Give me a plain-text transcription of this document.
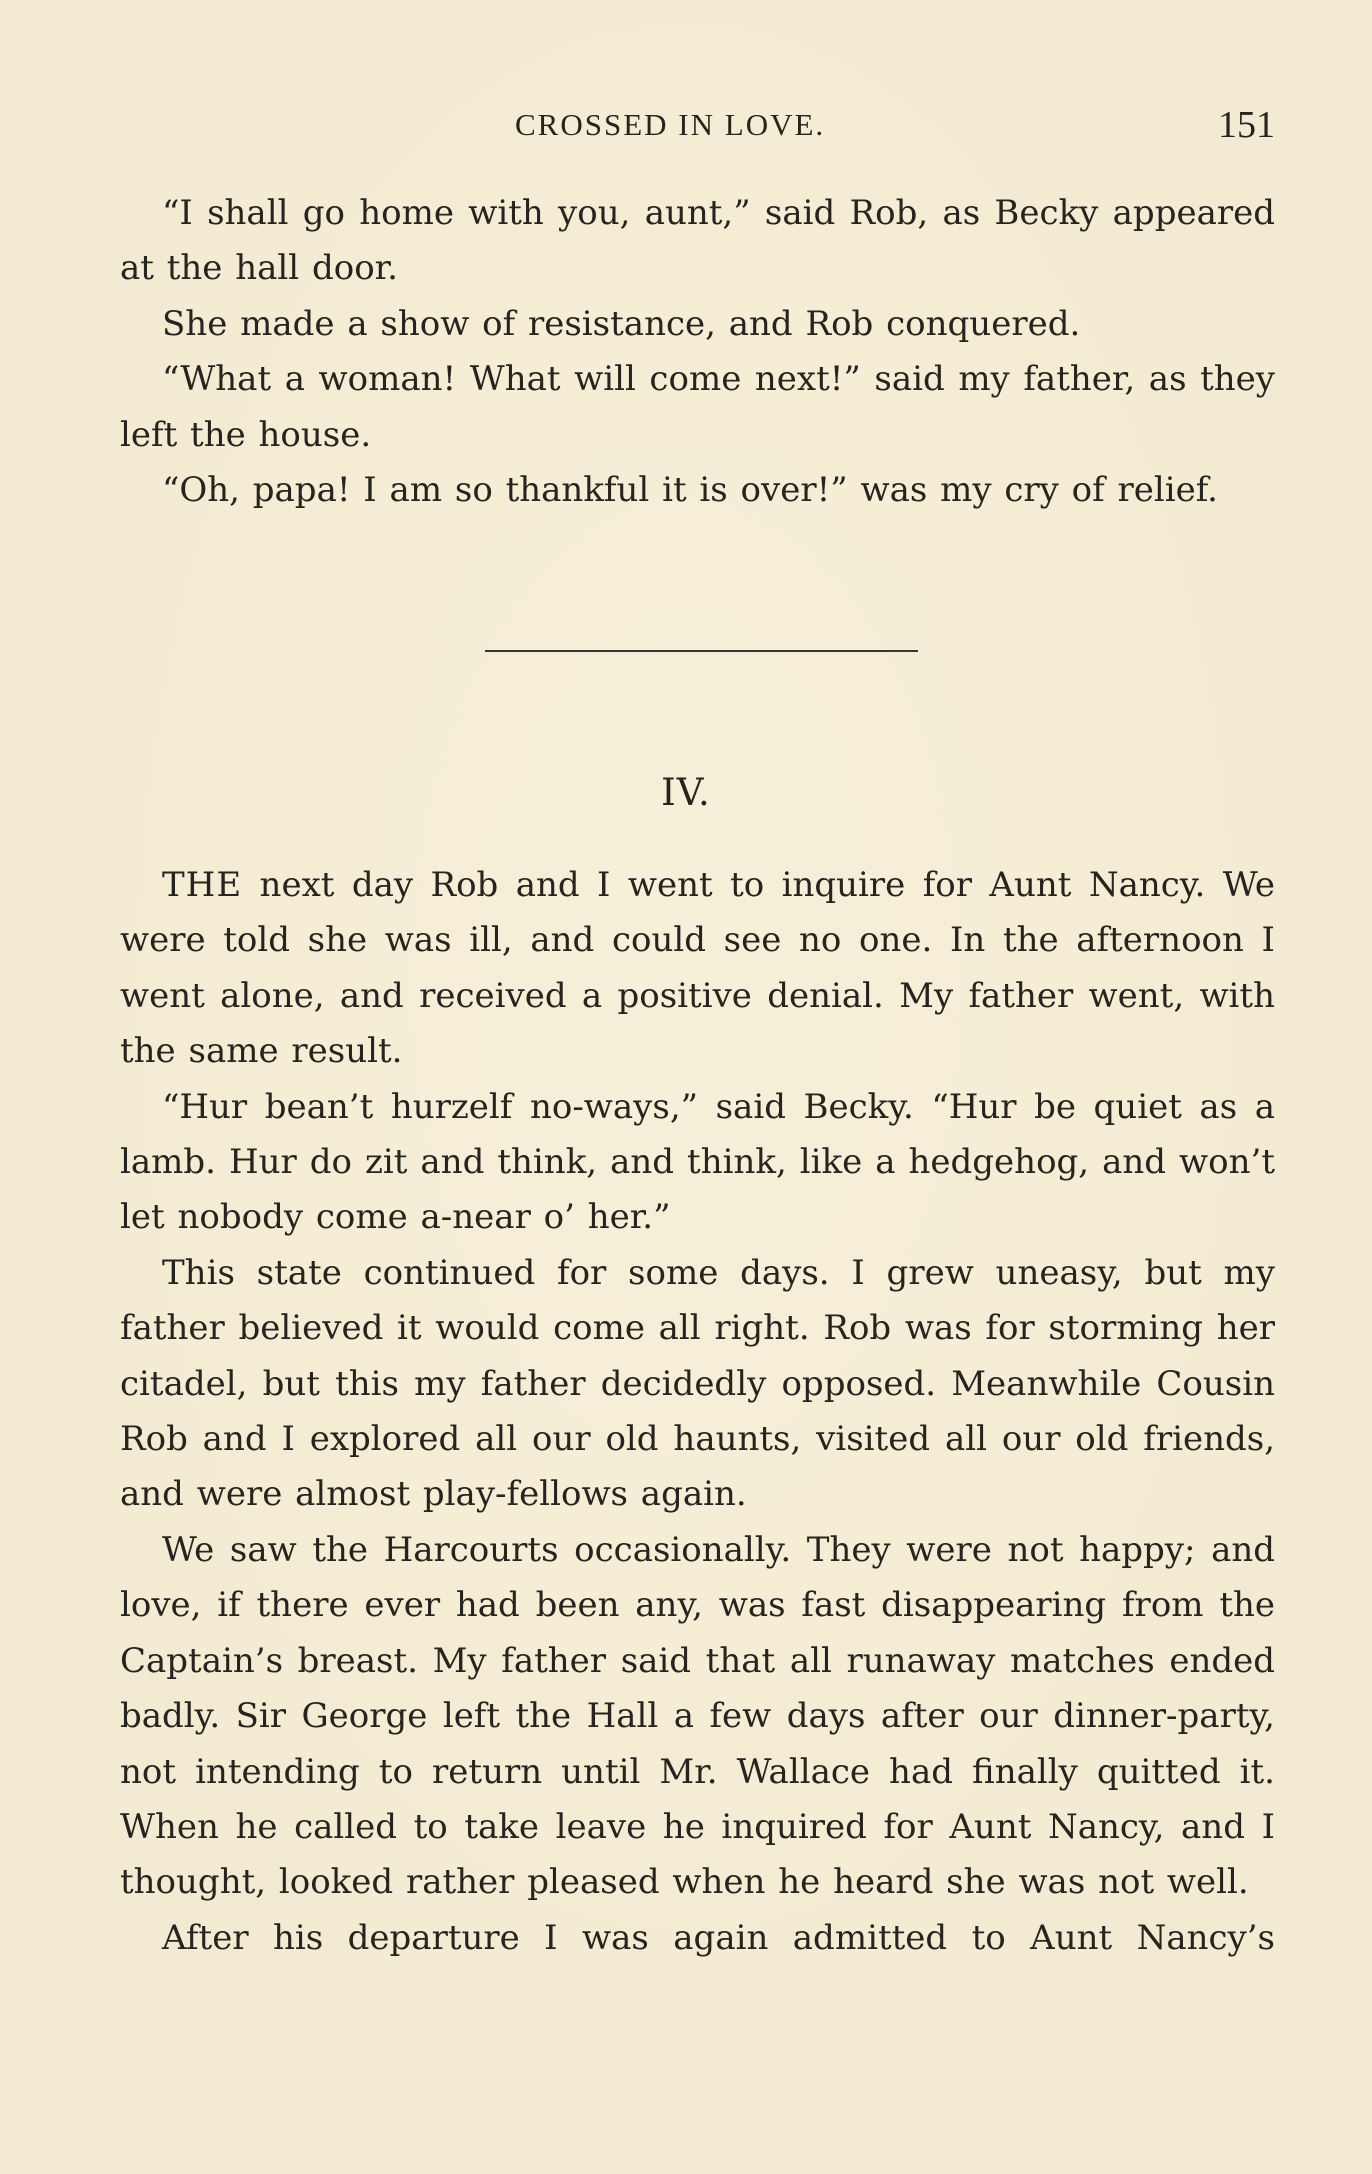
CROSSED IN LOVE.	151

“I shall go home with you, aunt,” said Rob, as Becky appeared at the hall door.

She made a show of resistance, and Rob conquered.

“What a woman! What will come next!” said my father, as they left the house.

“Oh, papa! I am so thankful it is over!” was my cry of relief.

IV.

THE next day Rob and I went to inquire for Aunt Nancy. We were told she was ill, and could see no one. In the afternoon I went alone, and received a positive denial. My father went, with the same result.

“Hur bean’t hurzelf no-ways,” said Becky. “Hur be quiet as a lamb. Hur do zit and think, and think, like a hedgehog, and won’t let nobody come a-near o’ her.”

This state continued for some days. I grew uneasy, but my father believed it would come all right. Rob was for storming her citadel, but this my father decidedly opposed. Meanwhile Cousin Rob and I explored all our old haunts, visited all our old friends, and were almost play-fellows again.

We saw the Harcourts occasionally. They were not happy; and love, if there ever had been any, was fast disappearing from the Captain’s breast. My father said that all runaway matches ended badly. Sir George left the Hall a few days after our dinner-party, not intending to return until Mr. Wallace had finally quitted it. When he called to take leave he inquired for Aunt Nancy, and I thought, looked rather pleased when he heard she was not well.

After his departure I was again admitted to Aunt Nancy’s
